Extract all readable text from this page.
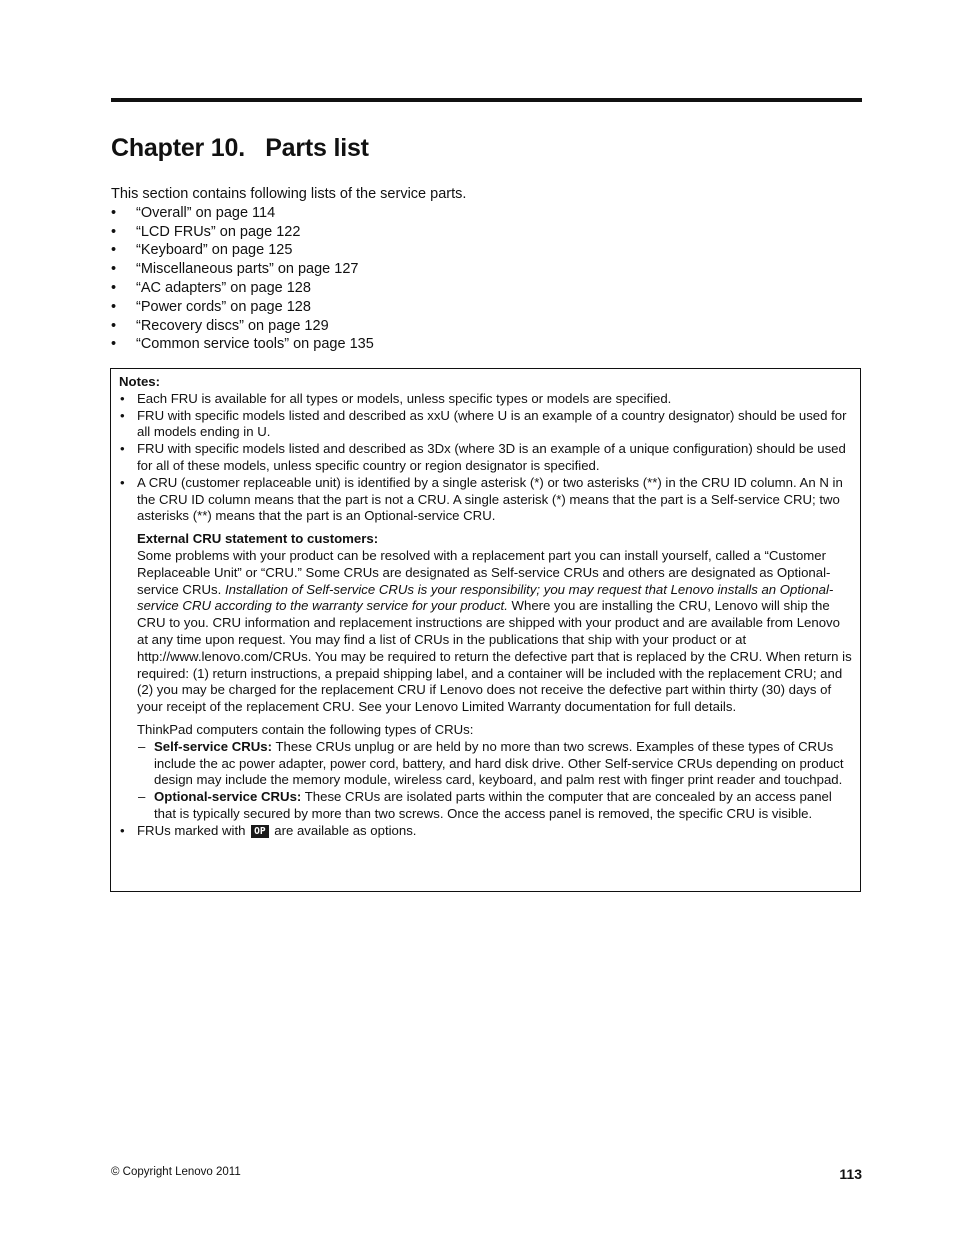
Chapter 10.   Parts list

This section contains following lists of the service parts.

• “Overall” on page 114
• “LCD FRUs” on page 122
• “Keyboard” on page 125
• “Miscellaneous parts” on page 127
• “AC adapters” on page 128
• “Power cords” on page 128
• “Recovery discs” on page 129
• “Common service tools” on page 135

Notes:

• Each FRU is available for all types or models, unless specific types or models are specified.
• FRU with specific models listed and described as xxU (where U is an example of a country designator) should be used for all models ending in U.
• FRU with specific models listed and described as 3Dx (where 3D is an example of a unique configuration) should be used for all of these models, unless specific country or region designator is specified.
• A CRU (customer replaceable unit) is identified by a single asterisk (*) or two asterisks (**) in the CRU ID column. An N in the CRU ID column means that the part is not a CRU. A single asterisk (*) means that the part is a Self-service CRU; two asterisks (**) means that the part is an Optional-service CRU.

External CRU statement to customers:

Some problems with your product can be resolved with a replacement part you can install yourself, called a “Customer Replaceable Unit” or “CRU.” Some CRUs are designated as Self-service CRUs and others are designated as Optional-service CRUs. Installation of Self-service CRUs is your responsibility; you may request that Lenovo installs an Optional-service CRU according to the warranty service for your product. Where you are installing the CRU, Lenovo will ship the CRU to you. CRU information and replacement instructions are shipped with your product and are available from Lenovo at any time upon request. You may find a list of CRUs in the publications that ship with your product or at http://www.lenovo.com/CRUs. You may be required to return the defective part that is replaced by the CRU. When return is required: (1) return instructions, a prepaid shipping label, and a container will be included with the replacement CRU; and (2) you may be charged for the replacement CRU if Lenovo does not receive the defective part within thirty (30) days of your receipt of the replacement CRU. See your Lenovo Limited Warranty documentation for full details.

ThinkPad computers contain the following types of CRUs:

– Self-service CRUs: These CRUs unplug or are held by no more than two screws. Examples of these types of CRUs include the ac power adapter, power cord, battery, and hard disk drive. Other Self-service CRUs depending on product design may include the memory module, wireless card, keyboard, and palm rest with finger print reader and touchpad.
– Optional-service CRUs: These CRUs are isolated parts within the computer that are concealed by an access panel that is typically secured by more than two screws. Once the access panel is removed, the specific CRU is visible.
• FRUs marked with OP are available as options.
© Copyright Lenovo 2011	113
